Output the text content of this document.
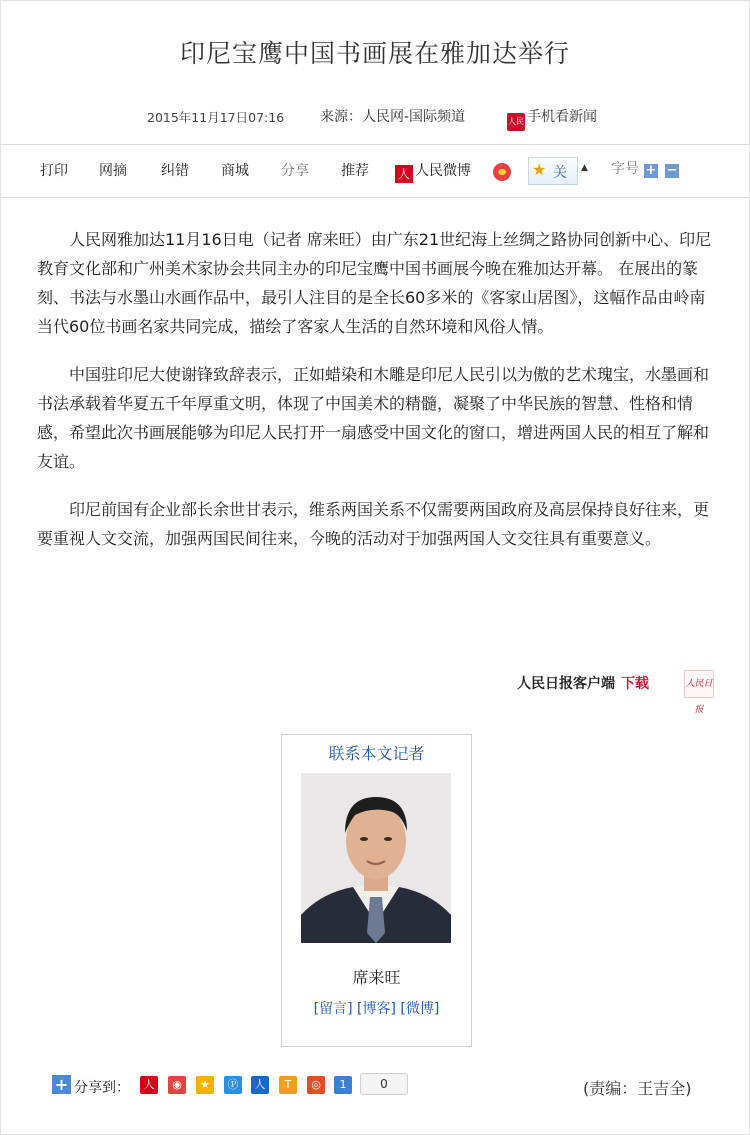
印尼宝鹰中国书画展在雅加达举行
2015年11月17日07:16	来源：人民网-国际频道	人民 手机看新闻
打印 网摘 纠错 商城 分享 推荐 人 人民微博	★ 关 ▲ 字号 + −

人民网雅加达11月16日电（记者 席来旺）由广东21世纪海上丝绸之路协同创新中心、印尼教育文化部和广州美术家协会共同主办的印尼宝鹰中国书画展今晚在雅加达开幕。 在展出的篆刻、书法与水墨山水画作品中，最引人注目的是全长60多米的《客家山居图》，这幅作品由岭南当代60位书画名家共同完成，描绘了客家人生活的自然环境和风俗人情。

中国驻印尼大使谢锋致辞表示，正如蜡染和木雕是印尼人民引以为傲的艺术瑰宝，水墨画和书法承载着华夏五千年厚重文明，体现了中国美术的精髓，凝聚了中华民族的智慧、性格和情感，希望此次书画展能够为印尼人民打开一扇感受中国文化的窗口，增进两国人民的相互了解和友谊。

印尼前国有企业部长余世甘表示，维系两国关系不仅需要两国政府及高层保持良好往来，更要重视人文交流，加强两国民间往来，今晚的活动对于加强两国人文交往具有重要意义。

人民日报客户端 下载	人民日报
联系本文记者
席来旺
[留言] [博客] [微博]
+ 分享到：	0	(责编：王吉全)
人	◉	★	Ⓟ	人	T	◎	1
